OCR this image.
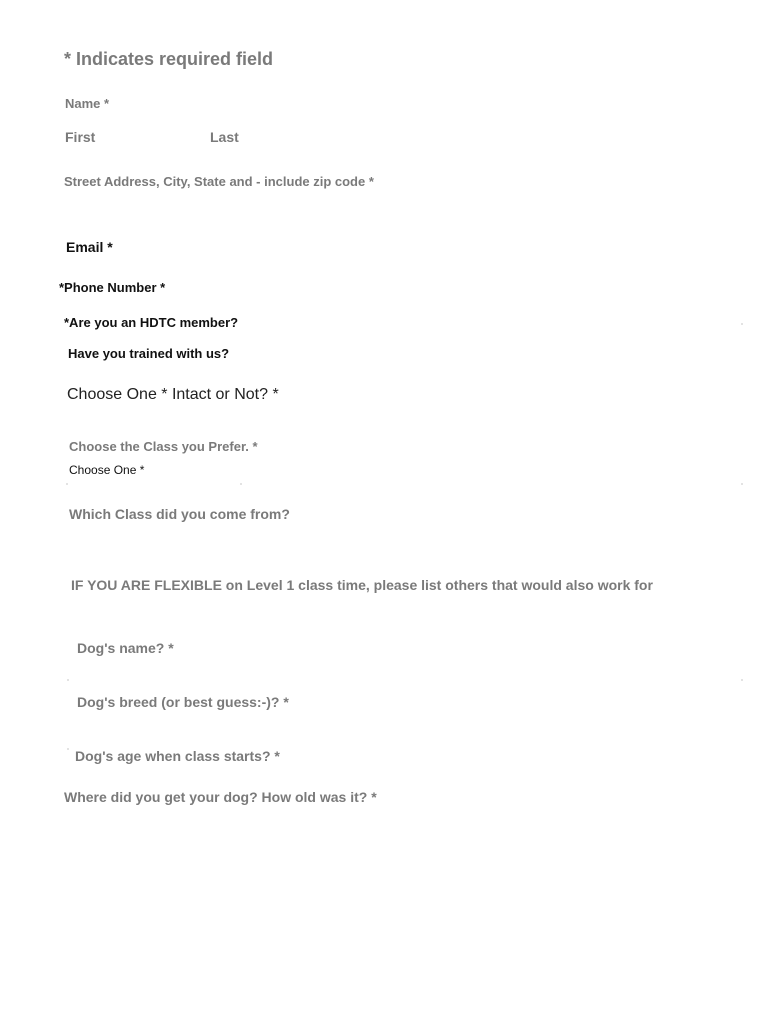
* Indicates required field
Name *
First	Last
Street Address, City, State and - include zip code *
Email *
*Phone Number *
*Are you an HDTC member?
Have you trained with us?
Choose One * Intact or Not? *
Choose the Class you Prefer. *
Choose One *
Which Class did you come from?
IF YOU ARE FLEXIBLE on Level 1 class time, please list others that would also work for
Dog's name? *
Dog's breed (or best guess:-)? *
Dog's age when class starts? *
Where did you get your dog? How old was it? *
